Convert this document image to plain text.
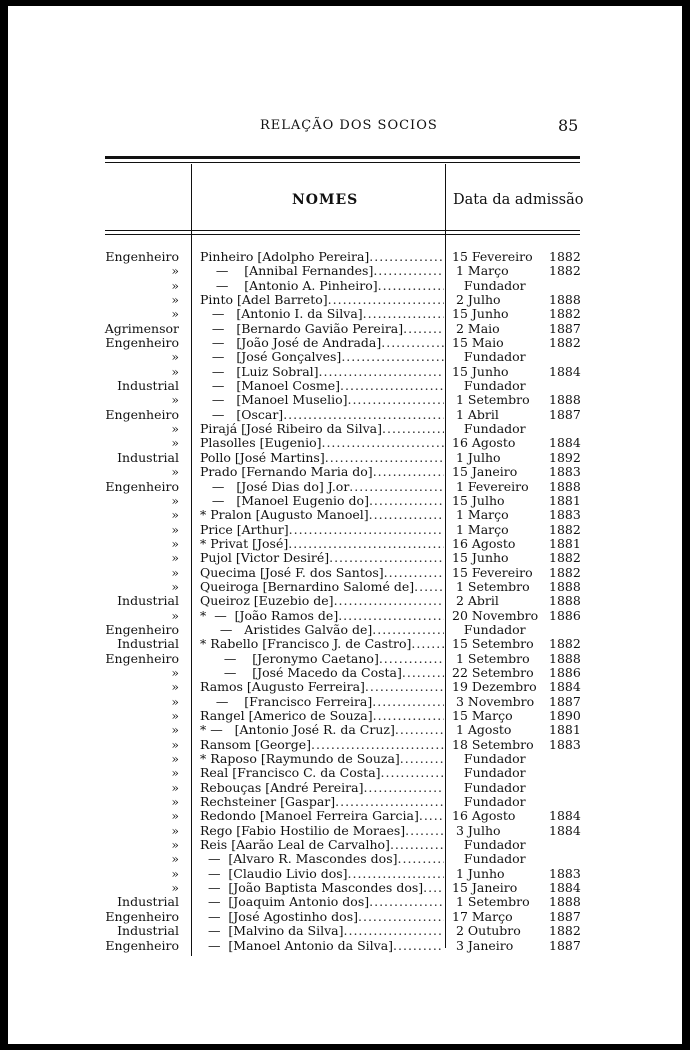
RELAÇÃO DOS SOCIOS	85
NOMES	Data da admissão
Engenheiro Pinheiro [Adolpho Pereira] .....	15 Fevereiro 1882
» —    [Annibal Fernandes] .....	1 Março	1882
» —    [Antonio A. Pinheiro] .....	Fundador
» Pinto [Adel Barreto] .....	2 Julho	1888
» —   [Antonio I. da Silva] .....	15 Junho	1882
Agrimensor —   [Bernardo Gavião Pereira] .....	2 Maio	1887
Engenheiro —   [João José de Andrada] .....	15 Maio	1882
» —   [José Gonçalves] .....	Fundador
» —   [Luiz Sobral] .....	15 Junho	1884
Industrial —   [Manoel Cosme] .....	Fundador
» —   [Manoel Muselio] .....	1 Setembro 1888
Engenheiro —   [Oscar] .....	1 Abril	1887
» Pirajá [José Ribeiro da Silva] .....	Fundador
» Plasolles [Eugenio] .....	16 Agosto	1884
Industrial Pollo [José Martins] .....	1 Julho	1892
» Prado [Fernando Maria do] .....	15 Janeiro	1883
Engenheiro —   [José Dias do] J.or .....	1 Fevereiro 1888
» —   [Manoel Eugenio do] .....	15 Julho	1881
» * Pralon [Augusto Manoel] .....	1 Março	1883
» Price [Arthur] .....	1 Março	1882
» * Privat [José] .....	16 Agosto	1881
» Pujol [Victor Desiré] .....	15 Junho	1882
» Quecima [José F. dos Santos] .....	15 Fevereiro 1882
» Queiroga [Bernardino Salomé de] .....	1 Setembro 1888
Industrial Queiroz [Euzebio de] .....	2 Abril	1888
» *  —  [João Ramos de] .....	20 Novembro 1886
Engenheiro —   Aristides Galvão de] .....	Fundador
Industrial * Rabello [Francisco J. de Castro] .....	15 Setembro 1882
Engenheiro —    [Jeronymo Caetano] .....	1 Setembro 1888
» —    [José Macedo da Costa] .....	22 Setembro 1886
» Ramos [Augusto Ferreira] .....	19 Dezembro 1884
» —    [Francisco Ferreira] .....	3 Novembro 1887
» Rangel [Americo de Souza] .....	15 Março	1890
» * —   [Antonio José R. da Cruz] .....	1 Agosto	1881
» Ransom [George] .....	18 Setembro 1883
» * Raposo [Raymundo de Souza] .....	Fundador
» Real [Francisco C. da Costa] .....	Fundador
» Rebouças [André Pereira] .....	Fundador
» Rechsteiner [Gaspar] .....	Fundador
» Redondo [Manoel Ferreira Garcia] .....	16 Agosto	1884
» Rego [Fabio Hostilio de Moraes] .....	3 Julho	1884
» Reis [Aarão Leal de Carvalho] .....	Fundador
» —  [Alvaro R. Mascondes dos] .....	Fundador
» —  [Claudio Livio dos] .....	1 Junho	1883
» —  [João Baptista Mascondes dos] .....	15 Janeiro	1884
Industrial —  [Joaquim Antonio dos] .....	1 Setembro 1888
Engenheiro —  [José Agostinho dos] .....	17 Março	1887
Industrial —  [Malvino da Silva] .....	2 Outubro 1882
Engenheiro —  [Manoel Antonio da Silva] .....	3 Janeiro	1887
